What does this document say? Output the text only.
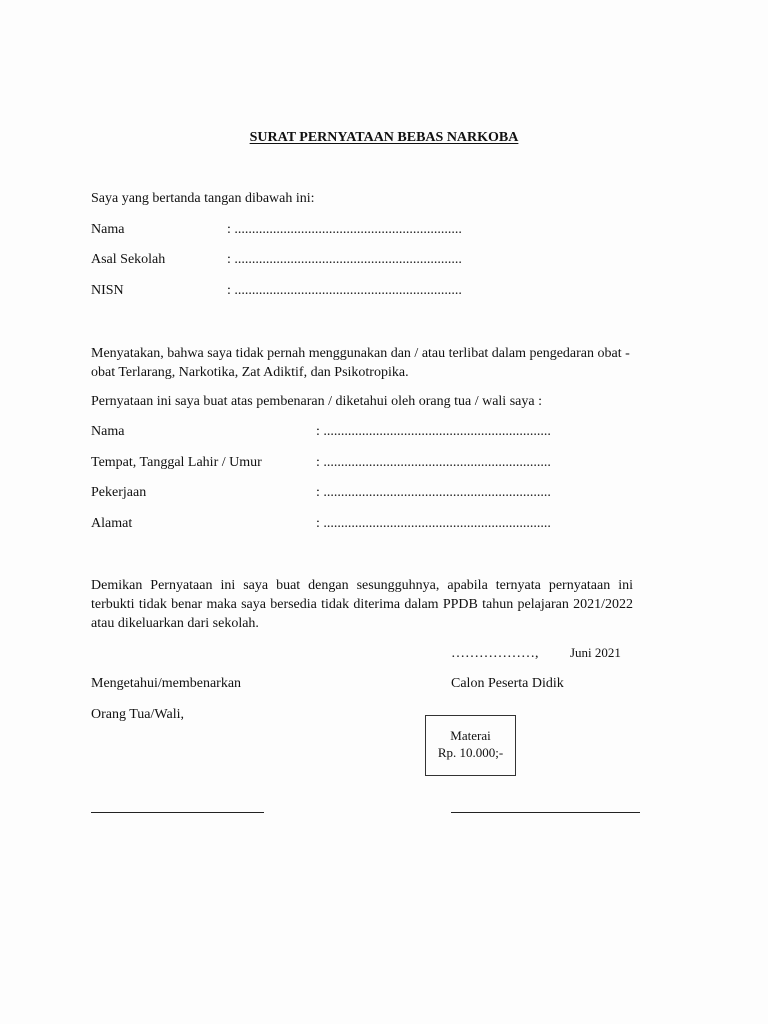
SURAT PERNYATAAN BEBAS NARKOBA
Saya yang bertanda tangan dibawah ini:
Nama	: .................................................................
Asal Sekolah	: .................................................................
NISN	: .................................................................
Menyatakan, bahwa saya tidak pernah menggunakan dan / atau terlibat dalam pengedaran obat - obat Terlarang, Narkotika, Zat Adiktif, dan Psikotropika.
Pernyataan ini saya buat atas pembenaran / diketahui oleh orang tua / wali saya :
Nama	: .................................................................
Tempat, Tanggal Lahir / Umur	: .................................................................
Pekerjaan	: .................................................................
Alamat	: .................................................................
Demikan Pernyataan ini saya buat dengan sesungguhnya, apabila ternyata pernyataan ini terbukti tidak benar maka saya bersedia tidak diterima dalam PPDB tahun pelajaran 2021/2022 atau dikeluarkan dari sekolah.
………………, Juni 2021
Mengetahui/membenarkan	Calon Peserta Didik
Orang Tua/Wali,
Materai
Rp. 10.000;-
